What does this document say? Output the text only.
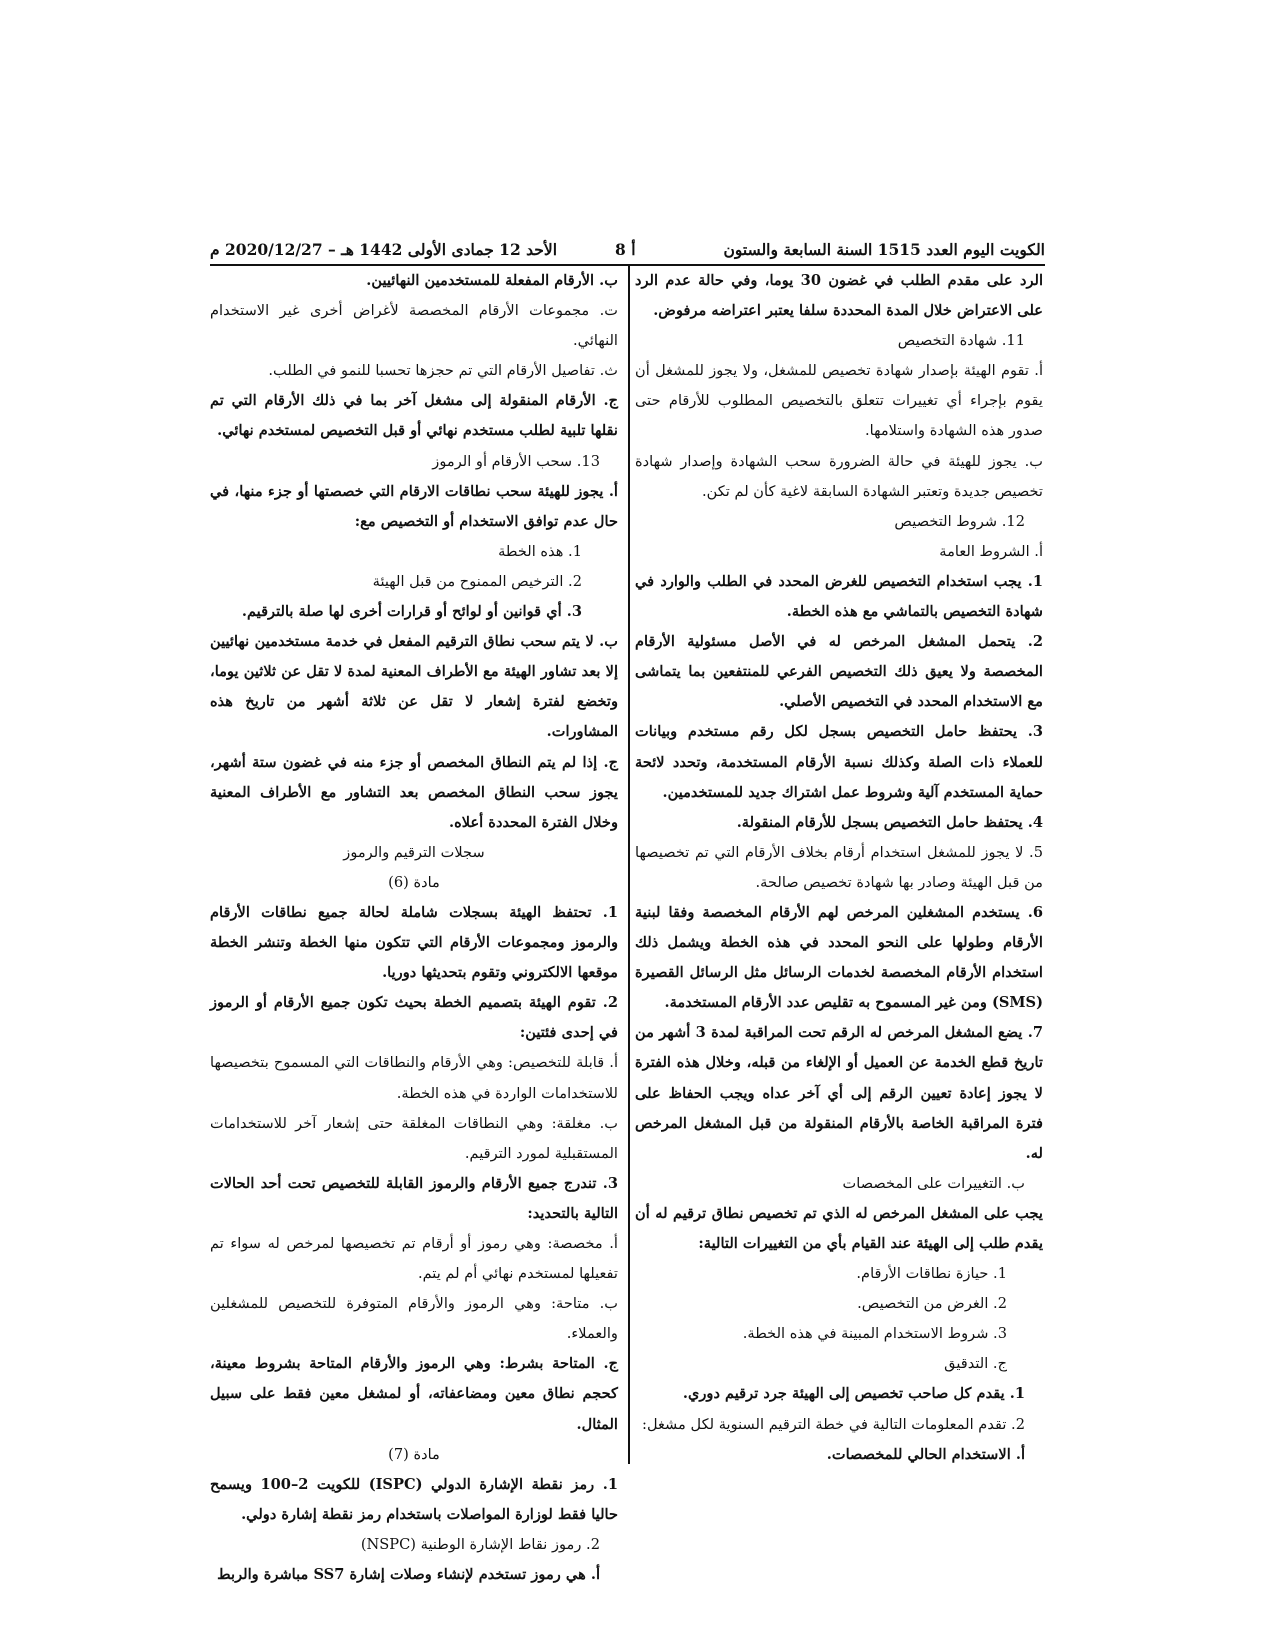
الكويت اليوم العدد 1515 السنة السابعة والستون
أ 8
الأحد 12 جمادى الأولى 1442 هـ – 2020/12/27 م

الرد على مقدم الطلب في غضون 30 يوما، وفي حالة عدم الرد على الاعتراض خلال المدة المحددة سلفا يعتبر اعتراضه مرفوض.

11. شهادة التخصيص

أ. تقوم الهيئة بإصدار شهادة تخصيص للمشغل، ولا يجوز للمشغل أن يقوم بإجراء أي تغييرات تتعلق بالتخصيص المطلوب للأرقام حتى صدور هذه الشهادة واستلامها.

ب. يجوز للهيئة في حالة الضرورة سحب الشهادة وإصدار شهادة تخصيص جديدة وتعتبر الشهادة السابقة لاغية كأن لم تكن.

12. شروط التخصيص

أ. الشروط العامة

1. يجب استخدام التخصيص للغرض المحدد في الطلب والوارد في شهادة التخصيص بالتماشي مع هذه الخطة.

2. يتحمل المشغل المرخص له في الأصل مسئولية الأرقام المخصصة ولا يعيق ذلك التخصيص الفرعي للمنتفعين بما يتماشى مع الاستخدام المحدد في التخصيص الأصلي.

3. يحتفظ حامل التخصيص بسجل لكل رقم مستخدم وبيانات للعملاء ذات الصلة وكذلك نسبة الأرقام المستخدمة، وتحدد لائحة حماية المستخدم آلية وشروط عمل اشتراك جديد للمستخدمين.

4. يحتفظ حامل التخصيص بسجل للأرقام المنقولة.

5. لا يجوز للمشغل استخدام أرقام بخلاف الأرقام التي تم تخصيصها من قبل الهيئة وصادر بها شهادة تخصيص صالحة.

6. يستخدم المشغلين المرخص لهم الأرقام المخصصة وفقا لبنية الأرقام وطولها على النحو المحدد في هذه الخطة ويشمل ذلك استخدام الأرقام المخصصة لخدمات الرسائل مثل الرسائل القصيرة (SMS) ومن غير المسموح به تقليص عدد الأرقام المستخدمة.

7. يضع المشغل المرخص له الرقم تحت المراقبة لمدة 3 أشهر من تاريخ قطع الخدمة عن العميل أو الإلغاء من قبله، وخلال هذه الفترة لا يجوز إعادة تعيين الرقم إلى أي آخر عداه ويجب الحفاظ على فترة المراقبة الخاصة بالأرقام المنقولة من قبل المشغل المرخص له.

ب. التغييرات على المخصصات

يجب على المشغل المرخص له الذي تم تخصيص نطاق ترقيم له أن يقدم طلب إلى الهيئة عند القيام بأي من التغييرات التالية:

1. حيازة نطاقات الأرقام.

2. الغرض من التخصيص.

3. شروط الاستخدام المبينة في هذه الخطة.

ج. التدقيق

1. يقدم كل صاحب تخصيص إلى الهيئة جرد ترقيم دوري.

2. تقدم المعلومات التالية في خطة الترقيم السنوية لكل مشغل:

أ. الاستخدام الحالي للمخصصات.

ب. الأرقام المفعلة للمستخدمين النهائيين.

ت. مجموعات الأرقام المخصصة لأغراض أخرى غير الاستخدام النهائي.

ث. تفاصيل الأرقام التي تم حجزها تحسبا للنمو في الطلب.

ج. الأرقام المنقولة إلى مشغل آخر بما في ذلك الأرقام التي تم نقلها تلبية لطلب مستخدم نهائي أو قبل التخصيص لمستخدم نهائي.

13. سحب الأرقام أو الرموز

أ. يجوز للهيئة سحب نطاقات الارقام التي خصصتها أو جزء منها، في حال عدم توافق الاستخدام أو التخصيص مع:

1. هذه الخطة

2. الترخيص الممنوح من قبل الهيئة

3. أي قوانين أو لوائح أو قرارات أخرى لها صلة بالترقيم.

ب. لا يتم سحب نطاق الترقيم المفعل في خدمة مستخدمين نهائيين إلا بعد تشاور الهيئة مع الأطراف المعنية لمدة لا تقل عن ثلاثين يوما، وتخضع لفترة إشعار لا تقل عن ثلاثة أشهر من تاريخ هذه المشاورات.

ج. إذا لم يتم النطاق المخصص أو جزء منه في غضون ستة أشهر، يجوز سحب النطاق المخصص بعد التشاور مع الأطراف المعنية وخلال الفترة المحددة أعلاه.

سجلات الترقيم والرموز

مادة (6)

1. تحتفظ الهيئة بسجلات شاملة لحالة جميع نطاقات الأرقام والرموز ومجموعات الأرقام التي تتكون منها الخطة وتنشر الخطة موقعها الالكتروني وتقوم بتحديثها دوريا.

2. تقوم الهيئة بتصميم الخطة بحيث تكون جميع الأرقام أو الرموز في إحدى فئتين:

أ. قابلة للتخصيص: وهي الأرقام والنطاقات التي المسموح بتخصيصها للاستخدامات الواردة في هذه الخطة.

ب. مغلقة: وهي النطاقات المغلقة حتى إشعار آخر للاستخدامات المستقبلية لمورد الترقيم.

3. تندرج جميع الأرقام والرموز القابلة للتخصيص تحت أحد الحالات التالية بالتحديد:

أ. مخصصة: وهي رموز أو أرقام تم تخصيصها لمرخص له سواء تم تفعيلها لمستخدم نهائي أم لم يتم.

ب. متاحة: وهي الرموز والأرقام المتوفرة للتخصيص للمشغلين والعملاء.

ج. المتاحة بشرط: وهي الرموز والأرقام المتاحة بشروط معينة، كحجم نطاق معين ومضاعفاته، أو لمشغل معين فقط على سبيل المثال.

مادة (7)

1. رمز نقطة الإشارة الدولي (ISPC) للكويت 2–100 ويسمح حاليا فقط لوزارة المواصلات باستخدام رمز نقطة إشارة دولي.

2. رموز نقاط الإشارة الوطنية (NSPC)

أ. هي رموز تستخدم لإنشاء وصلات إشارة SS7 مباشرة والربط
